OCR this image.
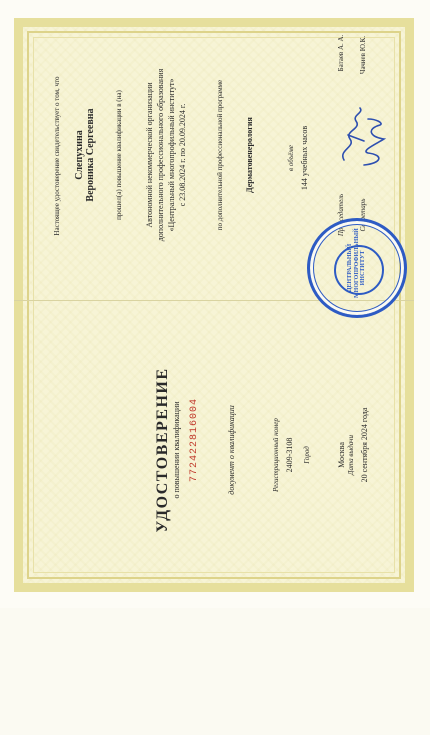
УДОСТОВЕРЕНИЕ о повышении квалификации 772422816004	документ о квалификации	Регистрационный номер 2409-3108	Город	Москва Дата выдачи 20 сентября 2024 года
Настоящее удостоверение свидетельствует о том, что	Слепухина Вероника Сергеевна	прошел(а) повышение квалификации в (на)	Автономной некоммерческой организации дополнительного профессионального образования «Центральный многопрофильный институт» с 23.08.2024 г. по 20.09.2024 г.	по дополнительной профессиональной программе	Дерматовенерология	в объёме 144 учебных часов
Председатель
Батаев А. А.
Секретарь
Чачиев Ю.К.
ЦЕНТРАЛЬНЫЙ МНОГОПРОФИЛЬНЫЙ ИНСТИТУТ
